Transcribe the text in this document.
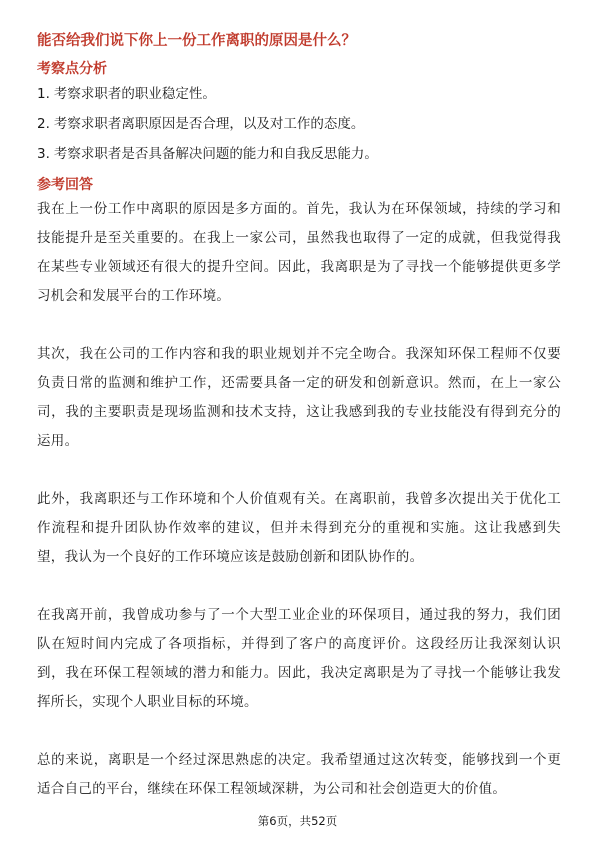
能否给我们说下你上一份工作离职的原因是什么？
考察点分析
1. 考察求职者的职业稳定性。
2. 考察求职者离职原因是否合理，以及对工作的态度。
3. 考察求职者是否具备解决问题的能力和自我反思能力。
参考回答

我在上一份工作中离职的原因是多方面的。首先，我认为在环保领域，持续的学习和技能提升是至关重要的。在我上一家公司，虽然我也取得了一定的成就，但我觉得我在某些专业领域还有很大的提升空间。因此，我离职是为了寻找一个能够提供更多学习机会和发展平台的工作环境。

其次，我在公司的工作内容和我的职业规划并不完全吻合。我深知环保工程师不仅要负责日常的监测和维护工作，还需要具备一定的研发和创新意识。然而，在上一家公司，我的主要职责是现场监测和技术支持，这让我感到我的专业技能没有得到充分的运用。

此外，我离职还与工作环境和个人价值观有关。在离职前，我曾多次提出关于优化工作流程和提升团队协作效率的建议，但并未得到充分的重视和实施。这让我感到失望，我认为一个良好的工作环境应该是鼓励创新和团队协作的。

在我离开前，我曾成功参与了一个大型工业企业的环保项目，通过我的努力，我们团队在短时间内完成了各项指标，并得到了客户的高度评价。这段经历让我深刻认识到，我在环保工程领域的潜力和能力。因此，我决定离职是为了寻找一个能够让我发挥所长，实现个人职业目标的环境。

总的来说，离职是一个经过深思熟虑的决定。我希望通过这次转变，能够找到一个更适合自己的平台，继续在环保工程领域深耕，为公司和社会创造更大的价值。

第6页，共52页
